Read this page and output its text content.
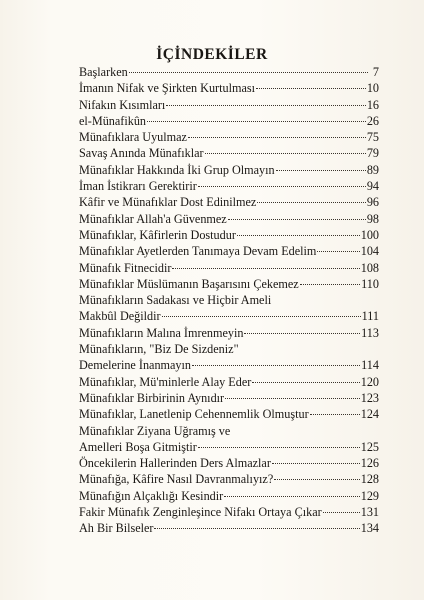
İÇİNDEKİLER
Başlarken	7
İmanın Nifak ve Şirkten Kurtulması	10
Nifakın Kısımları	16
el-Münafikûn	26
Münafıklara Uyulmaz	75
Savaş Anında Münafıklar	79
Münafıklar Hakkında İki Grup Olmayın	89
İman İstikrarı Gerektirir	94
Kâfir ve Münafıklar Dost Edinilmez	96
Münafıklar Allah'a Güvenmez	98
Münafıklar, Kâfirlerin Dostudur	100
Münafıklar Ayetlerden Tanımaya Devam Edelim	104
Münafık Fitnecidir	108
Münafıklar Müslümanın Başarısını Çekemez	110
Münafıkların Sadakası ve Hiçbir Ameli
Makbûl Değildir	111
Münafıkların Malına İmrenmeyin	113
Münafıkların, "Biz De Sizdeniz"
Demelerine İnanmayın	114
Münafıklar, Mü'minlerle Alay Eder	120
Münafıklar Birbirinin Aynıdır	123
Münafıklar, Lanetlenip Cehennemlik Olmuştur	124
Münafıklar Ziyana Uğramış ve
Amelleri Boşa Gitmiştir	125
Öncekilerin Hallerinden Ders Almazlar	126
Münafığa, Kâfire Nasıl Davranmalıyız?	128
Münafığın Alçaklığı Kesindir	129
Fakir Münafık Zenginleşince Nifakı Ortaya Çıkar	131
Ah Bir Bilseler	134
